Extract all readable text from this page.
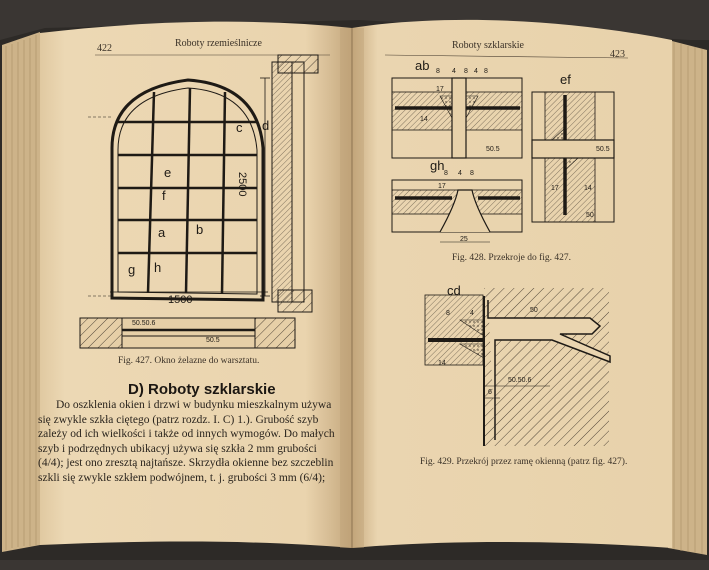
422	Roboty rzemieślnicze	Roboty szklarskie
423
c d
e
f
a b
g h
2500
1500
50.50.6
50.5
Fig. 427. Okno żelazne do warsztatu.
D) Roboty szklarskie
Do oszklenia okien i drzwi w budynku mieszkalnym używa
się zwykle szkła ciętego (patrz rozdz. I. C) 1.). Grubość szyb
zależy od ich wielkości i także od innych wymogów. Do małych
szyb i podrzędnych ubikacyj używa się szkła 2 mm grubości
(4/4); jest ono zresztą najtańsze. Skrzydła okienne bez szczeblin
szkli się zwykle szkłem podwójnem, t. j. grubości 3 mm (6/4);
ab
ef
gh
8 4 8 4 8
17
14
50.5	50.5
17	14
50
8 4 8
17
25
Fig. 428. Przekroje do fig. 427.
cd
8	4
14
50
50.50.6
6
Fig. 429. Przekrój przez ramę okienną (patrz fig. 427).
